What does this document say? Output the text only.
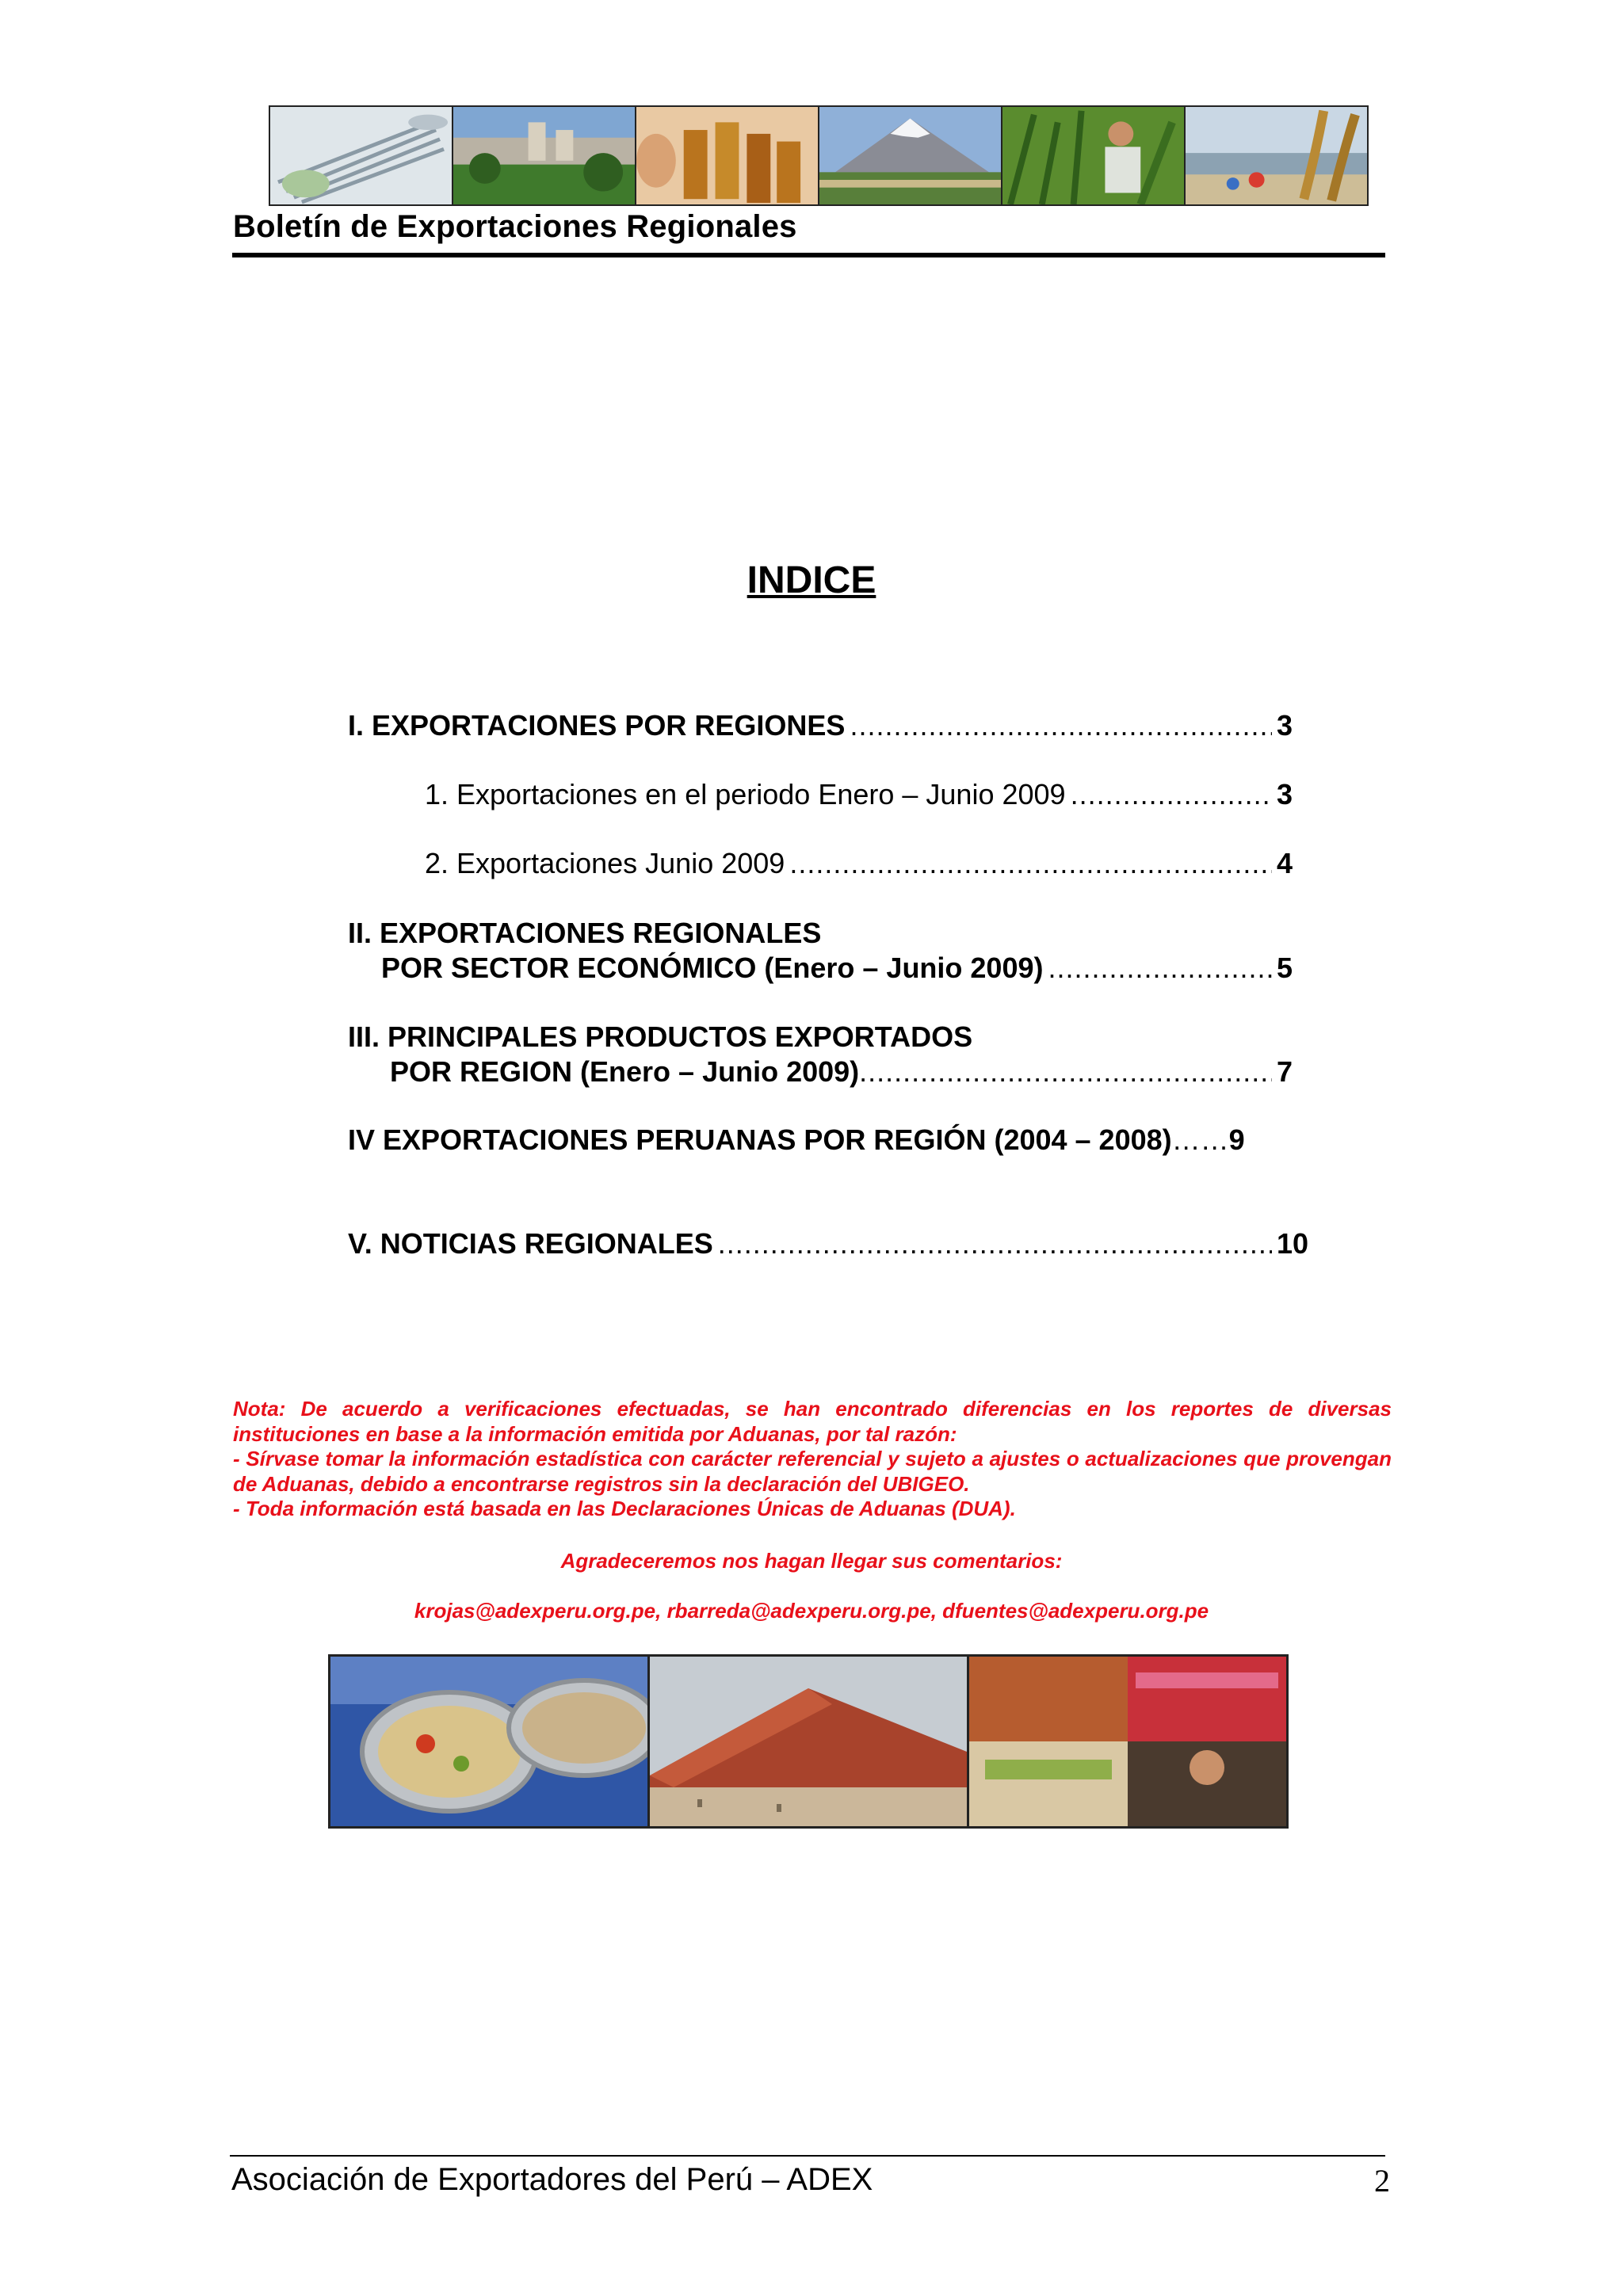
Boletín de Exportaciones Regionales
INDICE
I. EXPORTACIONES POR REGIONES .....	3
1. Exportaciones en el periodo Enero – Junio 2009 .....	3
2. Exportaciones Junio 2009 .....	4
II. EXPORTACIONES REGIONALES
POR SECTOR ECONÓMICO (Enero – Junio 2009) .....	5
III. PRINCIPALES PRODUCTOS EXPORTADOS
POR REGION (Enero – Junio 2009) .....	7
IV EXPORTACIONES PERUANAS POR REGIÓN (2004 – 2008) …… 9
V. NOTICIAS REGIONALES .....	10

Nota: De acuerdo a verificaciones efectuadas, se han encontrado diferencias en los reportes de diversas instituciones en base a la información emitida por Aduanas, por tal razón:

- Sírvase tomar la información estadística con carácter referencial y sujeto a ajustes o actualizaciones que provengan de Aduanas, debido a encontrarse registros sin la declaración del UBIGEO.

- Toda información está basada en las Declaraciones Únicas de Aduanas (DUA).

Agradeceremos nos hagan llegar sus comentarios:
krojas@adexperu.org.pe, rbarreda@adexperu.org.pe, dfuentes@adexperu.org.pe
Asociación de Exportadores del Perú – ADEX	2
